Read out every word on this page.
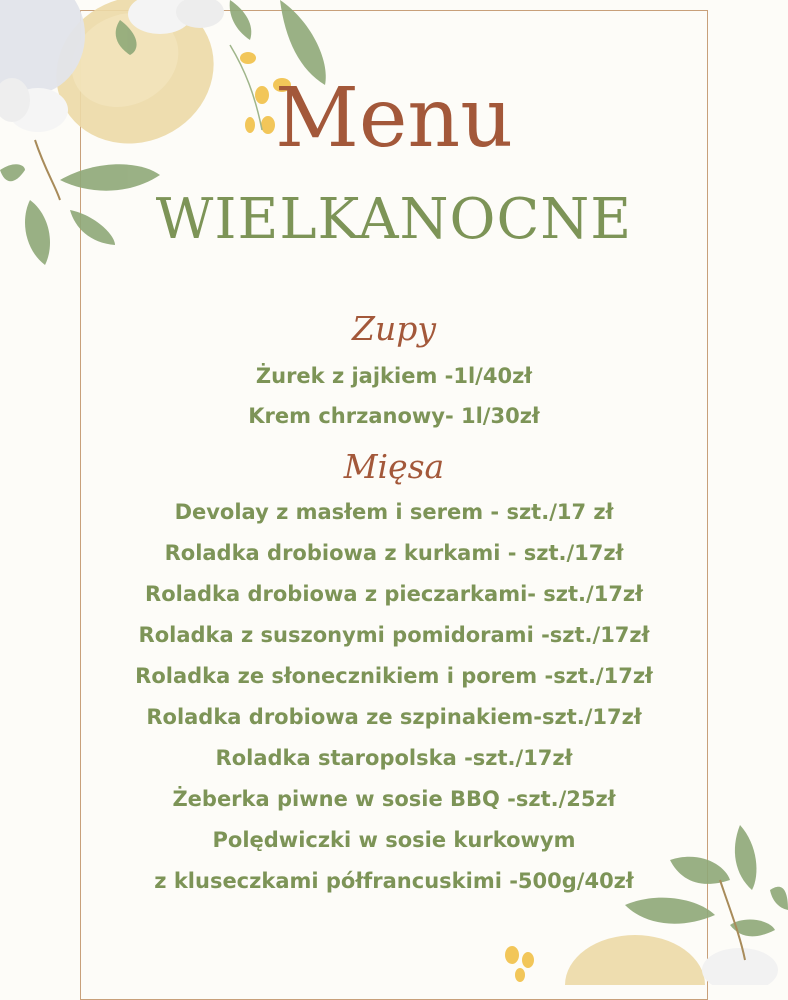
Menu
WIELKANOCNE
Zupy
Żurek z jajkiem -1l/40zł
Krem chrzanowy- 1l/30zł
Mięsa
Devolay z masłem i serem - szt./17 zł
Roladka drobiowa z kurkami - szt./17zł
Roladka drobiowa z pieczarkami- szt./17zł
Roladka z suszonymi pomidorami -szt./17zł
Roladka ze słonecznikiem i porem -szt./17zł
Roladka drobiowa ze szpinakiem-szt./17zł
Roladka staropolska -szt./17zł
Żeberka piwne w sosie BBQ -szt./25zł
Polędwiczki w sosie kurkowym
z kluseczkami półfrancuskimi -500g/40zł
